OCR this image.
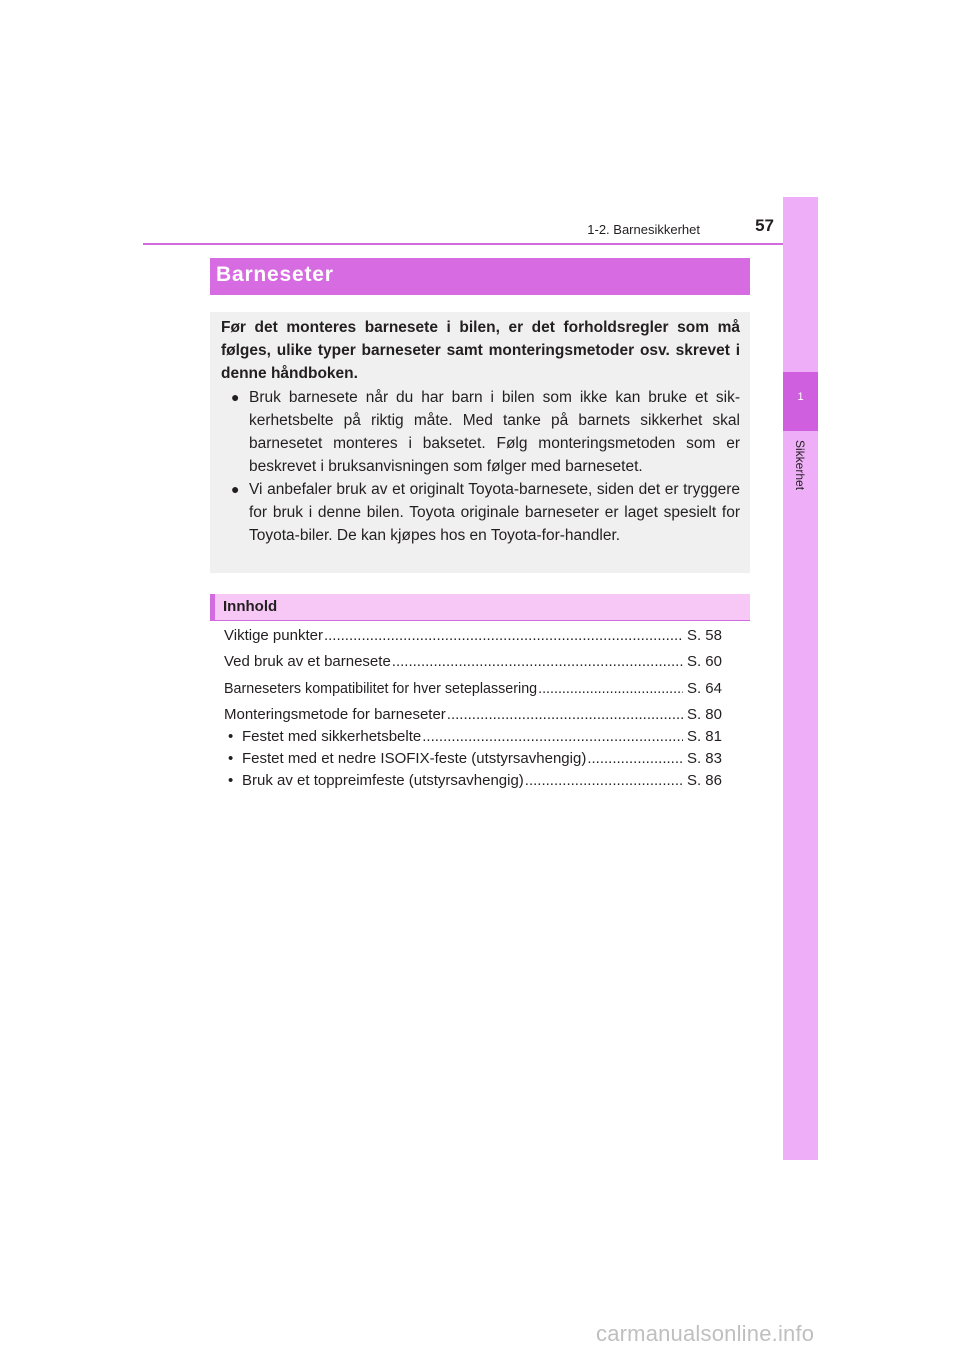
1-2. Barnesikkerhet	57
1
Sikkerhet
Barneseter
Før det monteres barnesete i bilen, er det forholdsregler som må følges, ulike typer barneseter samt monteringsmetoder osv. skrevet i denne håndboken.
● Bruk barnesete når du har barn i bilen som ikke kan bruke et sik-kerhetsbelte på riktig måte. Med tanke på barnets sikkerhet skal barnesetet monteres i baksetet. Følg monteringsmetoden som er beskrevet i bruksanvisningen som følger med barnesetet.
● Vi anbefaler bruk av et originalt Toyota-barnesete, siden det er tryggere for bruk i denne bilen. Toyota originale barneseter er laget spesielt for Toyota-biler. De kan kjøpes hos en Toyota-for-handler.
Innhold
Viktige punkter .....	S. 58
Ved bruk av et barnesete .....	S. 60
Barneseters kompatibilitet for hver seteplassering .....	S. 64
Monteringsmetode for barneseter .....	S. 80
• Festet med sikkerhetsbelte .....	S. 81
• Festet med et nedre ISOFIX-feste (utstyrsavhengig) .....	S. 83
• Bruk av et toppreimfeste (utstyrsavhengig) .....	S. 86
carmanualsonline.info
